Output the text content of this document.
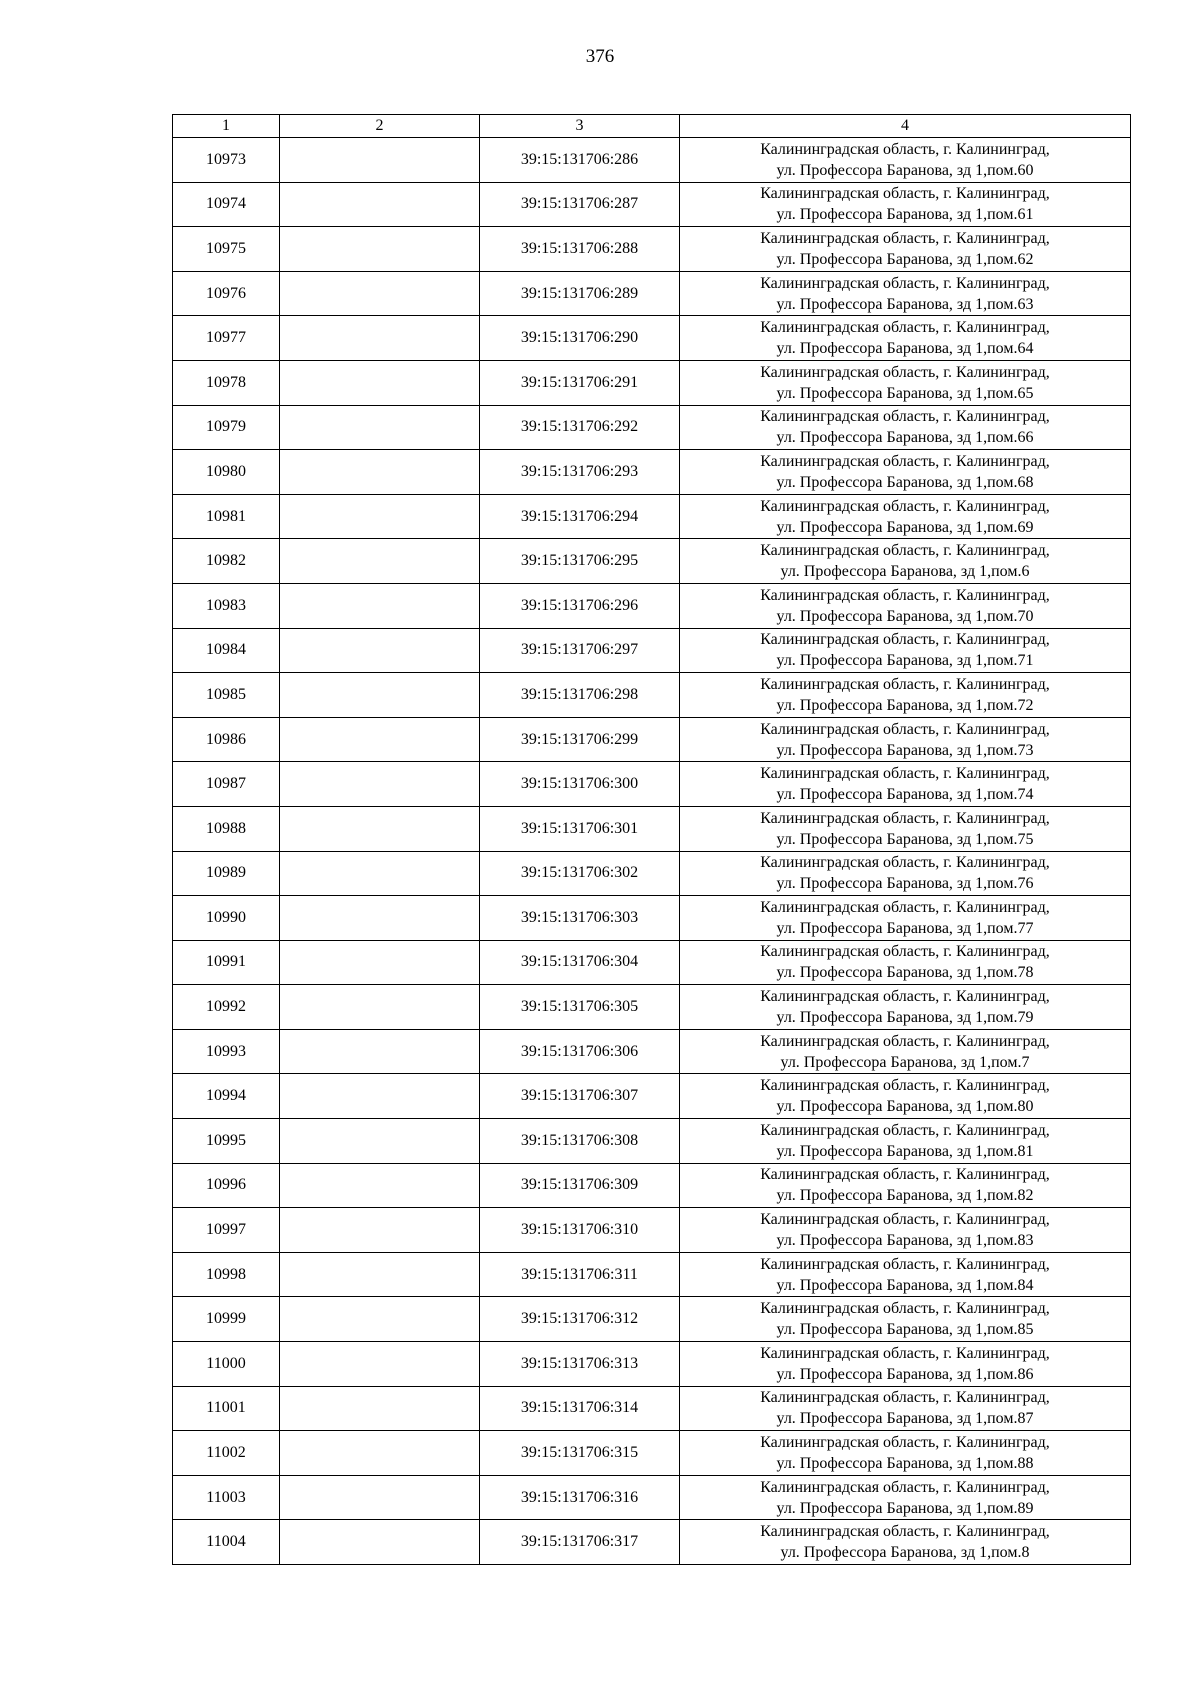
376
1	2	3	4
10973		39:15:131706:286	Калининградская область, г. Калининград,
ул. Профессора Баранова, зд 1,пом.60

10974		39:15:131706:287	Калининградская область, г. Калининград,
ул. Профессора Баранова, зд 1,пом.61

10975		39:15:131706:288	Калининградская область, г. Калининград,
ул. Профессора Баранова, зд 1,пом.62

10976		39:15:131706:289	Калининградская область, г. Калининград,
ул. Профессора Баранова, зд 1,пом.63

10977		39:15:131706:290	Калининградская область, г. Калининград,
ул. Профессора Баранова, зд 1,пом.64

10978		39:15:131706:291	Калининградская область, г. Калининград,
ул. Профессора Баранова, зд 1,пом.65

10979		39:15:131706:292	Калининградская область, г. Калининград,
ул. Профессора Баранова, зд 1,пом.66

10980		39:15:131706:293	Калининградская область, г. Калининград,
ул. Профессора Баранова, зд 1,пом.68

10981		39:15:131706:294	Калининградская область, г. Калининград,
ул. Профессора Баранова, зд 1,пом.69

10982		39:15:131706:295	Калининградская область, г. Калининград,
ул. Профессора Баранова, зд 1,пом.6

10983		39:15:131706:296	Калининградская область, г. Калининград,
ул. Профессора Баранова, зд 1,пом.70

10984		39:15:131706:297	Калининградская область, г. Калининград,
ул. Профессора Баранова, зд 1,пом.71

10985		39:15:131706:298	Калининградская область, г. Калининград,
ул. Профессора Баранова, зд 1,пом.72

10986		39:15:131706:299	Калининградская область, г. Калининград,
ул. Профессора Баранова, зд 1,пом.73

10987		39:15:131706:300	Калининградская область, г. Калининград,
ул. Профессора Баранова, зд 1,пом.74

10988		39:15:131706:301	Калининградская область, г. Калининград,
ул. Профессора Баранова, зд 1,пом.75

10989		39:15:131706:302	Калининградская область, г. Калининград,
ул. Профессора Баранова, зд 1,пом.76

10990		39:15:131706:303	Калининградская область, г. Калининград,
ул. Профессора Баранова, зд 1,пом.77

10991		39:15:131706:304	Калининградская область, г. Калининград,
ул. Профессора Баранова, зд 1,пом.78

10992		39:15:131706:305	Калининградская область, г. Калининград,
ул. Профессора Баранова, зд 1,пом.79

10993		39:15:131706:306	Калининградская область, г. Калининград,
ул. Профессора Баранова, зд 1,пом.7

10994		39:15:131706:307	Калининградская область, г. Калининград,
ул. Профессора Баранова, зд 1,пом.80

10995		39:15:131706:308	Калининградская область, г. Калининград,
ул. Профессора Баранова, зд 1,пом.81

10996		39:15:131706:309	Калининградская область, г. Калининград,
ул. Профессора Баранова, зд 1,пом.82

10997		39:15:131706:310	Калининградская область, г. Калининград,
ул. Профессора Баранова, зд 1,пом.83

10998		39:15:131706:311	Калининградская область, г. Калининград,
ул. Профессора Баранова, зд 1,пом.84

10999		39:15:131706:312	Калининградская область, г. Калининград,
ул. Профессора Баранова, зд 1,пом.85

11000		39:15:131706:313	Калининградская область, г. Калининград,
ул. Профессора Баранова, зд 1,пом.86

11001		39:15:131706:314	Калининградская область, г. Калининград,
ул. Профессора Баранова, зд 1,пом.87

11002		39:15:131706:315	Калининградская область, г. Калининград,
ул. Профессора Баранова, зд 1,пом.88

11003		39:15:131706:316	Калининградская область, г. Калининград,
ул. Профессора Баранова, зд 1,пом.89

11004		39:15:131706:317	Калининградская область, г. Калининград,
ул. Профессора Баранова, зд 1,пом.8
